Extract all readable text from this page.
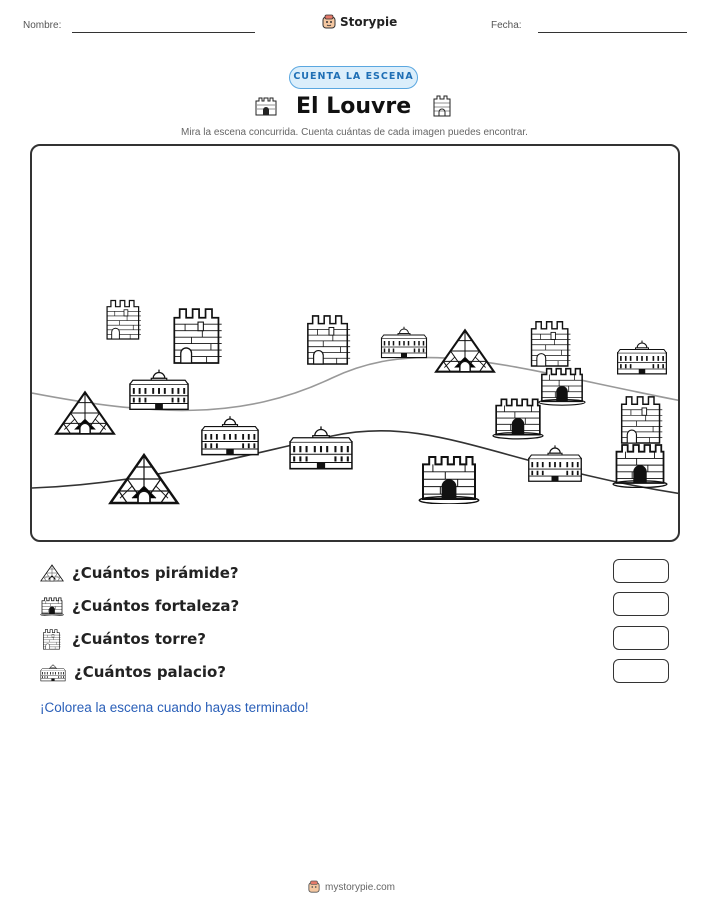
Nombre:	Storypie	Fecha:
CUENTA LA ESCENA
El Louvre
Mira la escena concurrida. Cuenta cuántas de cada imagen puedes encontrar.
¿Cuántos pirámide?
¿Cuántos fortaleza?
¿Cuántos torre?
¿Cuántos palacio?
¡Colorea la escena cuando hayas terminado!
mystorypie.com
